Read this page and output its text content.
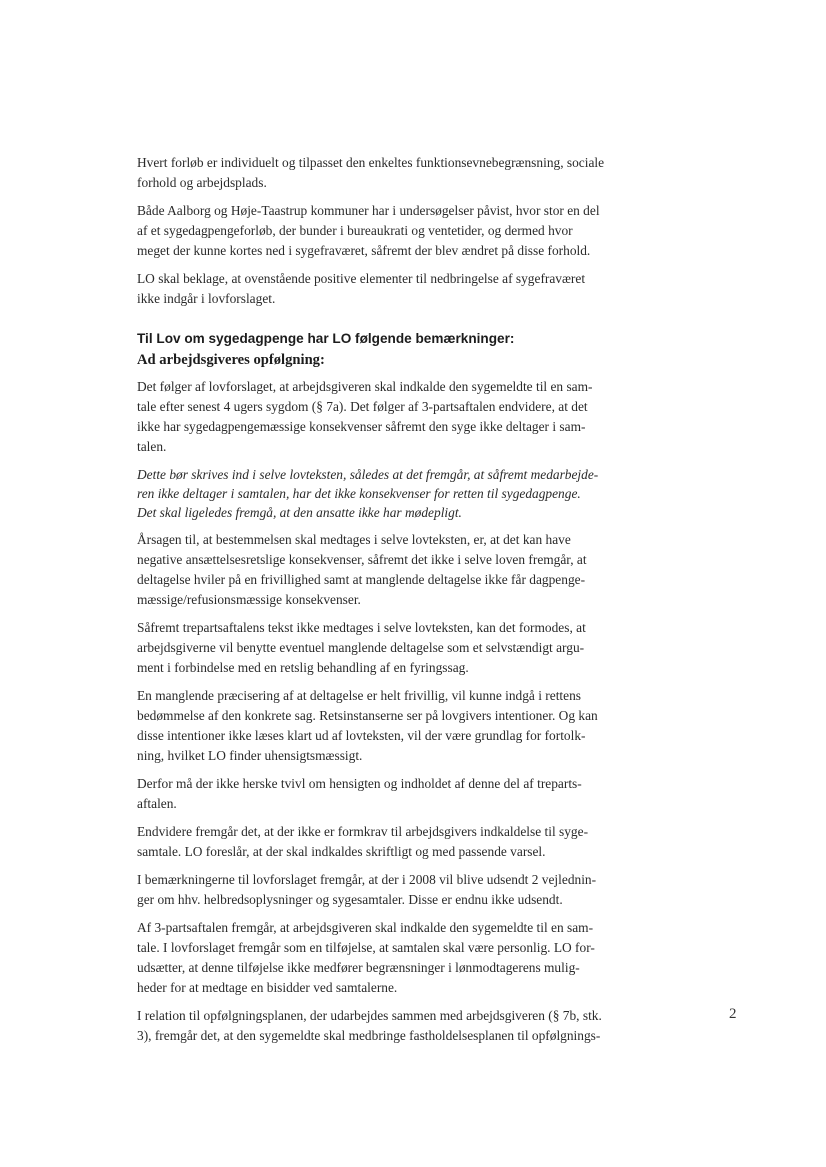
Hvert forløb er individuelt og tilpasset den enkeltes funktionsevnebegrænsning, sociale
forhold og arbejdsplads.
Både Aalborg og Høje-Taastrup kommuner har i undersøgelser påvist, hvor stor en del
af et sygedagpengeforløb, der bunder i bureaukrati og ventetider, og dermed hvor
meget der kunne kortes ned i sygefraværet, såfremt der blev ændret på disse forhold.
LO skal beklage, at ovenstående positive elementer til nedbringelse af sygefraværet
ikke indgår i lovforslaget.
Til Lov om sygedagpenge har LO følgende bemærkninger:
Ad arbejdsgiveres opfølgning:
Det følger af lovforslaget, at arbejdsgiveren skal indkalde den sygemeldte til en sam-
tale efter senest 4 ugers sygdom (§ 7a). Det følger af 3-partsaftalen endvidere, at det
ikke har sygedagpengemæssige konsekvenser såfremt den syge ikke deltager i sam-
talen.
Dette bør skrives ind i selve lovteksten, således at det fremgår, at såfremt medarbejde-
ren ikke deltager i samtalen, har det ikke konsekvenser for retten til sygedagpenge.
Det skal ligeledes fremgå, at den ansatte ikke har mødepligt.
Årsagen til, at bestemmelsen skal medtages i selve lovteksten, er, at det kan have
negative ansættelsesretslige konsekvenser, såfremt det ikke i selve loven fremgår, at
deltagelse hviler på en frivillighed samt at manglende deltagelse ikke får dagpenge-
mæssige/refusionsmæssige konsekvenser.
Såfremt trepartsaftalens tekst ikke medtages i selve lovteksten, kan det formodes, at
arbejdsgiverne vil benytte eventuel manglende deltagelse som et selvstændigt argu-
ment i forbindelse med en retslig behandling af en fyringssag.
En manglende præcisering af at deltagelse er helt frivillig, vil kunne indgå i rettens
bedømmelse af den konkrete sag. Retsinstanserne ser på lovgivers intentioner. Og kan
disse intentioner ikke læses klart ud af lovteksten, vil der være grundlag for fortolk-
ning, hvilket LO finder uhensigtsmæssigt.
Derfor må der ikke herske tvivl om hensigten og indholdet af denne del af treparts-
aftalen.
Endvidere fremgår det, at der ikke er formkrav til arbejdsgivers indkaldelse til syge-
samtale. LO foreslår, at der skal indkaldes skriftligt og med passende varsel.
I bemærkningerne til lovforslaget fremgår, at der i 2008 vil blive udsendt 2 vejlednin-
ger om hhv. helbredsoplysninger og sygesamtaler. Disse er endnu ikke udsendt.
Af 3-partsaftalen fremgår, at arbejdsgiveren skal indkalde den sygemeldte til en sam-
tale. I lovforslaget fremgår som en tilføjelse, at samtalen skal være personlig. LO for-
udsætter, at denne tilføjelse ikke medfører begrænsninger i lønmodtagerens mulig-
heder for at medtage en bisidder ved samtalerne.
I relation til opfølgningsplanen, der udarbejdes sammen med arbejdsgiveren (§ 7b, stk.
3), fremgår det, at den sygemeldte skal medbringe fastholdelsesplanen til opfølgnings-
2
